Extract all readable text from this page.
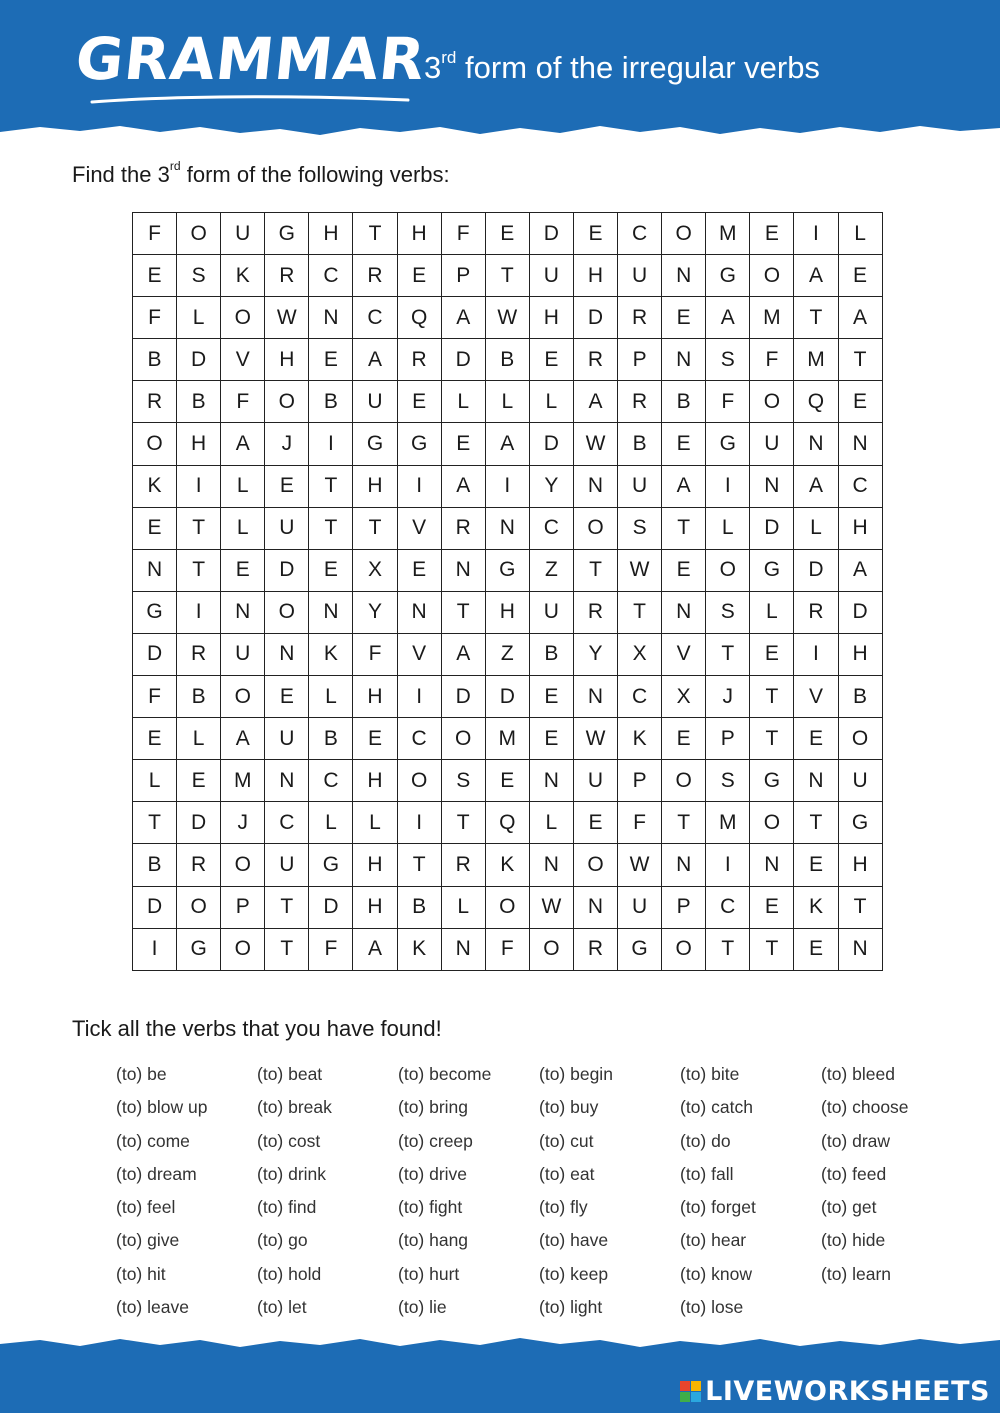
GRAMMAR
3rd form of the irregular verbs
Find the 3rd form of the following verbs:
F	O	U	G	H	T	H	F	E	D	E	C	O	M	E	I	L
E	S	K	R	C	R	E	P	T	U	H	U	N	G	O	A	E
F	L	O	W	N	C	Q	A	W	H	D	R	E	A	M	T	A
B	D	V	H	E	A	R	D	B	E	R	P	N	S	F	M	T
R	B	F	O	B	U	E	L	L	L	A	R	B	F	O	Q	E
O	H	A	J	I	G	G	E	A	D	W	B	E	G	U	N	N
K	I	L	E	T	H	I	A	I	Y	N	U	A	I	N	A	C
E	T	L	U	T	T	V	R	N	C	O	S	T	L	D	L	H
N	T	E	D	E	X	E	N	G	Z	T	W	E	O	G	D	A
G	I	N	O	N	Y	N	T	H	U	R	T	N	S	L	R	D
D	R	U	N	K	F	V	A	Z	B	Y	X	V	T	E	I	H
F	B	O	E	L	H	I	D	D	E	N	C	X	J	T	V	B
E	L	A	U	B	E	C	O	M	E	W	K	E	P	T	E	O
L	E	M	N	C	H	O	S	E	N	U	P	O	S	G	N	U
T	D	J	C	L	L	I	T	Q	L	E	F	T	M	O	T	G
B	R	O	U	G	H	T	R	K	N	O	W	N	I	N	E	H
D	O	P	T	D	H	B	L	O	W	N	U	P	C	E	K	T
I	G	O	T	F	A	K	N	F	O	R	G	O	T	T	E	N
Tick all the verbs that you have found!
(to) be	(to) beat	(to) become	(to) begin	(to) bite	(to) bleed
(to) blow up	(to) break	(to) bring	(to) buy	(to) catch	(to) choose
(to) come	(to) cost	(to) creep	(to) cut	(to) do	(to) draw
(to) dream	(to) drink	(to) drive	(to) eat	(to) fall	(to) feed
(to) feel	(to) find	(to) fight	(to) fly	(to) forget	(to) get
(to) give	(to) go	(to) hang	(to) have	(to) hear	(to) hide
(to) hit	(to) hold	(to) hurt	(to) keep	(to) know	(to) learn
(to) leave	(to) let	(to) lie	(to) light	(to) lose
LIVEWORKSHEETS
